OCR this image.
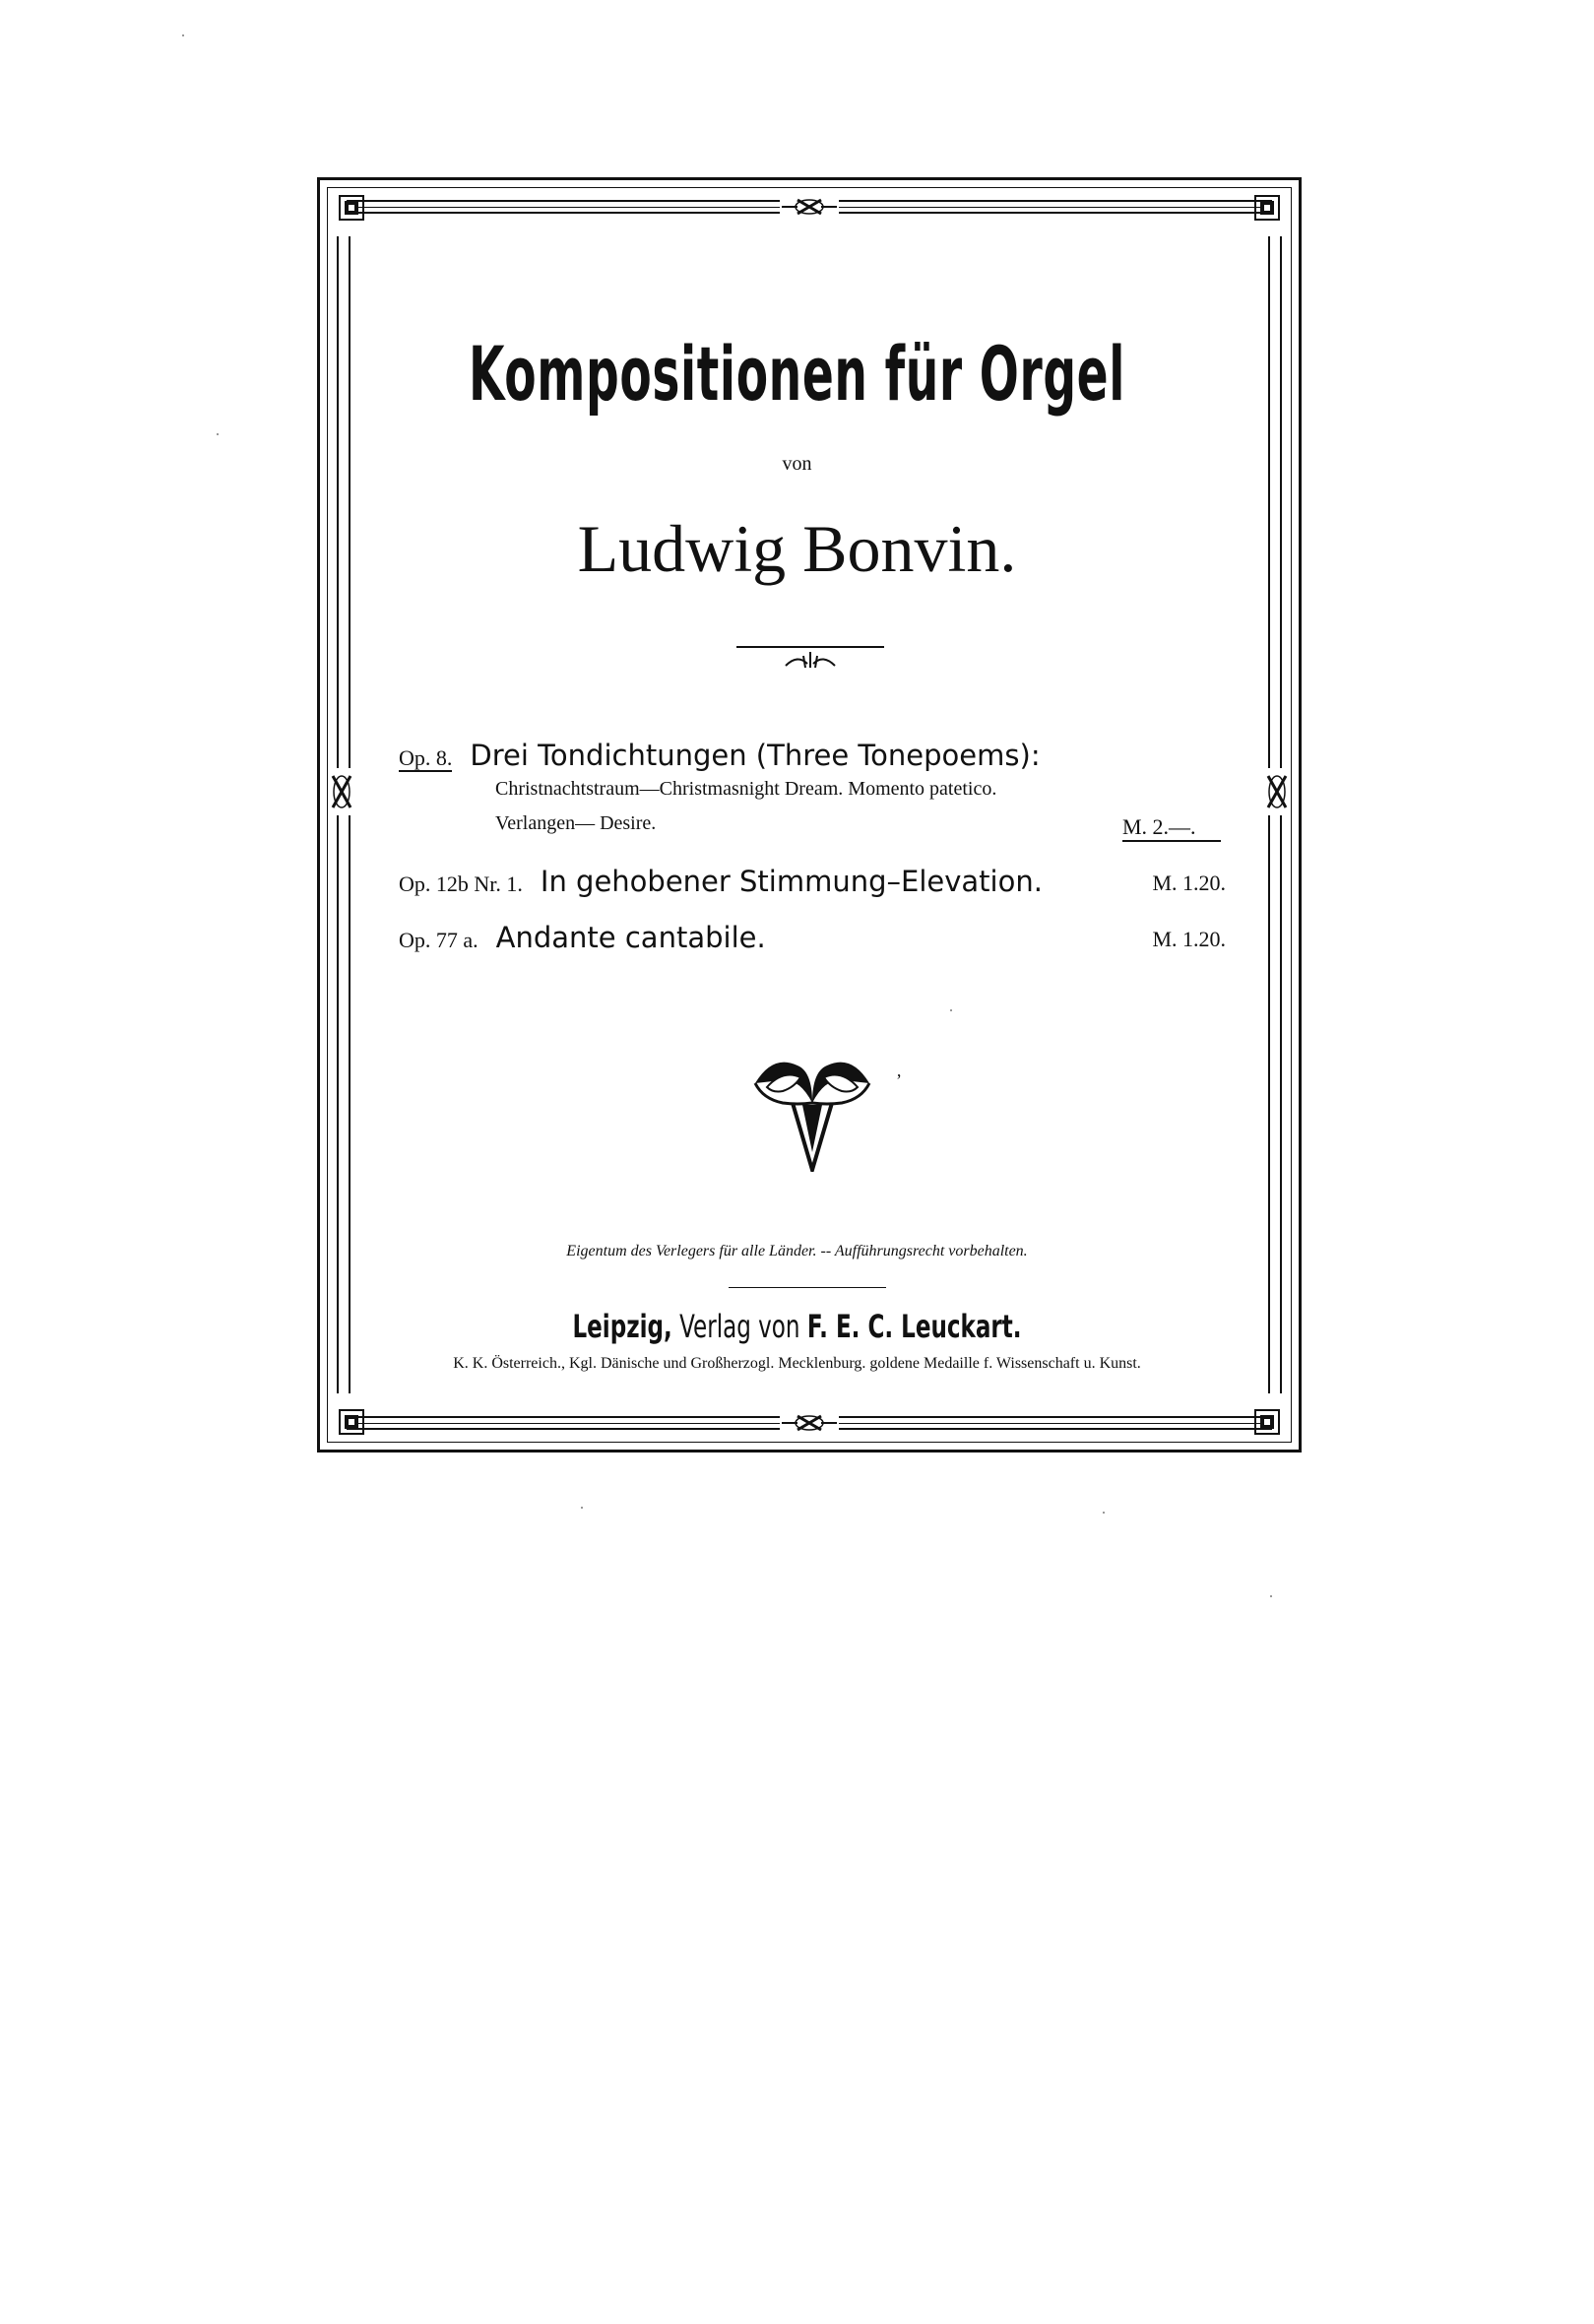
Kompositionen für Orgel
von
Ludwig Bonvin.
Op. 8. Drei Tondichtungen (Three Tonepoems):
Christnachtstraum—Christmasnight Dream. Momento patetico.
Verlangen— Desire.	M. 2.—.
Op. 12b Nr. 1. In gehobener Stimmung–Elevation.	M. 1.20.
Op. 77 a. Andante cantabile.	M. 1.20.
’
Eigentum des Verlegers für alle Länder. -- Aufführungsrecht vorbehalten.
Leipzig, Verlag von F. E. C. Leuckart.
K. K. Österreich., Kgl. Dänische und Großherzogl. Mecklenburg. goldene Medaille f. Wissenschaft u. Kunst.
